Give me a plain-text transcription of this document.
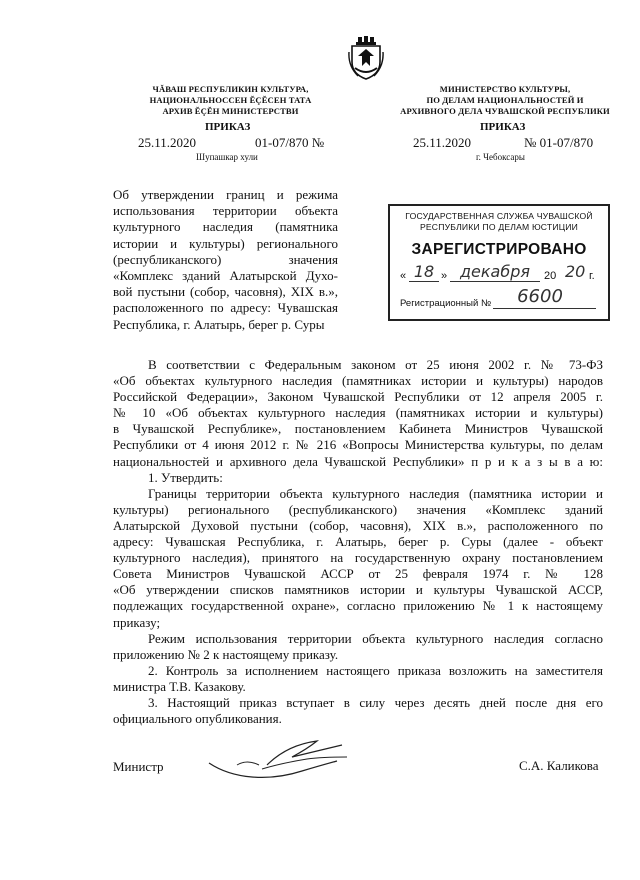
ЧĂВАШ РЕСПУБЛИКИН КУЛЬТУРА,
НАЦИОНАЛЬНОССЕН ĔÇĔСЕН ТАТА
АРХИВ ĔÇĔН МИНИСТЕРСТВИ
МИНИСТЕРСТВО КУЛЬТУРЫ,
ПО ДЕЛАМ НАЦИОНАЛЬНОСТЕЙ И
АРХИВНОГО ДЕЛА ЧУВАШСКОЙ РЕСПУБЛИКИ
ПРИКАЗ
25.11.2020	01-07/870 №
Шупашкар хули
ПРИКАЗ
25.11.2020	№ 01-07/870
г. Чебоксары
Об утверждении границ и режима
использования территории объекта
культурного наследия (памятника
истории и культуры) регионального
(республиканского) значения
«Комплекс зданий Алатырской Духо-
вой пустыни (собор, часовня), XIX в.»,
расположенного по адресу: Чувашская
Республика, г. Алатырь, берег р. Суры
ГОСУДАРСТВЕННАЯ СЛУЖБА ЧУВАШСКОЙ
РЕСПУБЛИКИ ПО ДЕЛАМ ЮСТИЦИИ
ЗАРЕГИСТРИРОВАНО
« 18 » декабря	20 20 г.
Регистрационный №	6600
В соответствии с Федеральным законом от 25 июня 2002 г. № 73-ФЗ
«Об объектах культурного наследия (памятниках истории и культуры) народов
Российской Федерации», Законом Чувашской Республики от 12 апреля 2005 г.
№ 10 «Об объектах культурного наследия (памятниках истории и культуры)
в Чувашской Республике», постановлением Кабинета Министров Чувашской
Республики от 4 июня 2012 г. № 216 «Вопросы Министерства культуры, по делам
национальностей и архивного дела Чувашской Республики» п р и к а з ы в а ю:
1. Утвердить:
Границы территории объекта культурного наследия (памятника истории и
культуры) регионального (республиканского) значения «Комплекс зданий
Алатырской Духовой пустыни (собор, часовня), XIX в.», расположенного по
адресу: Чувашская Республика, г. Алатырь, берег р. Суры (далее - объект
культурного наследия), принятого на государственную охрану постановлением
Совета Министров Чувашской АССР от 25 февраля 1974 г. № 128
«Об утверждении списков памятников истории и культуры Чувашской АССР,
подлежащих государственной охране», согласно приложению № 1 к настоящему
приказу;
Режим использования территории объекта культурного наследия согласно
приложению № 2 к настоящему приказу.
2. Контроль за исполнением настоящего приказа возложить на заместителя
министра Т.В. Казакову.
3. Настоящий приказ вступает в силу через десять дней после дня его
официального опубликования.
Министр	С.А. Каликова
